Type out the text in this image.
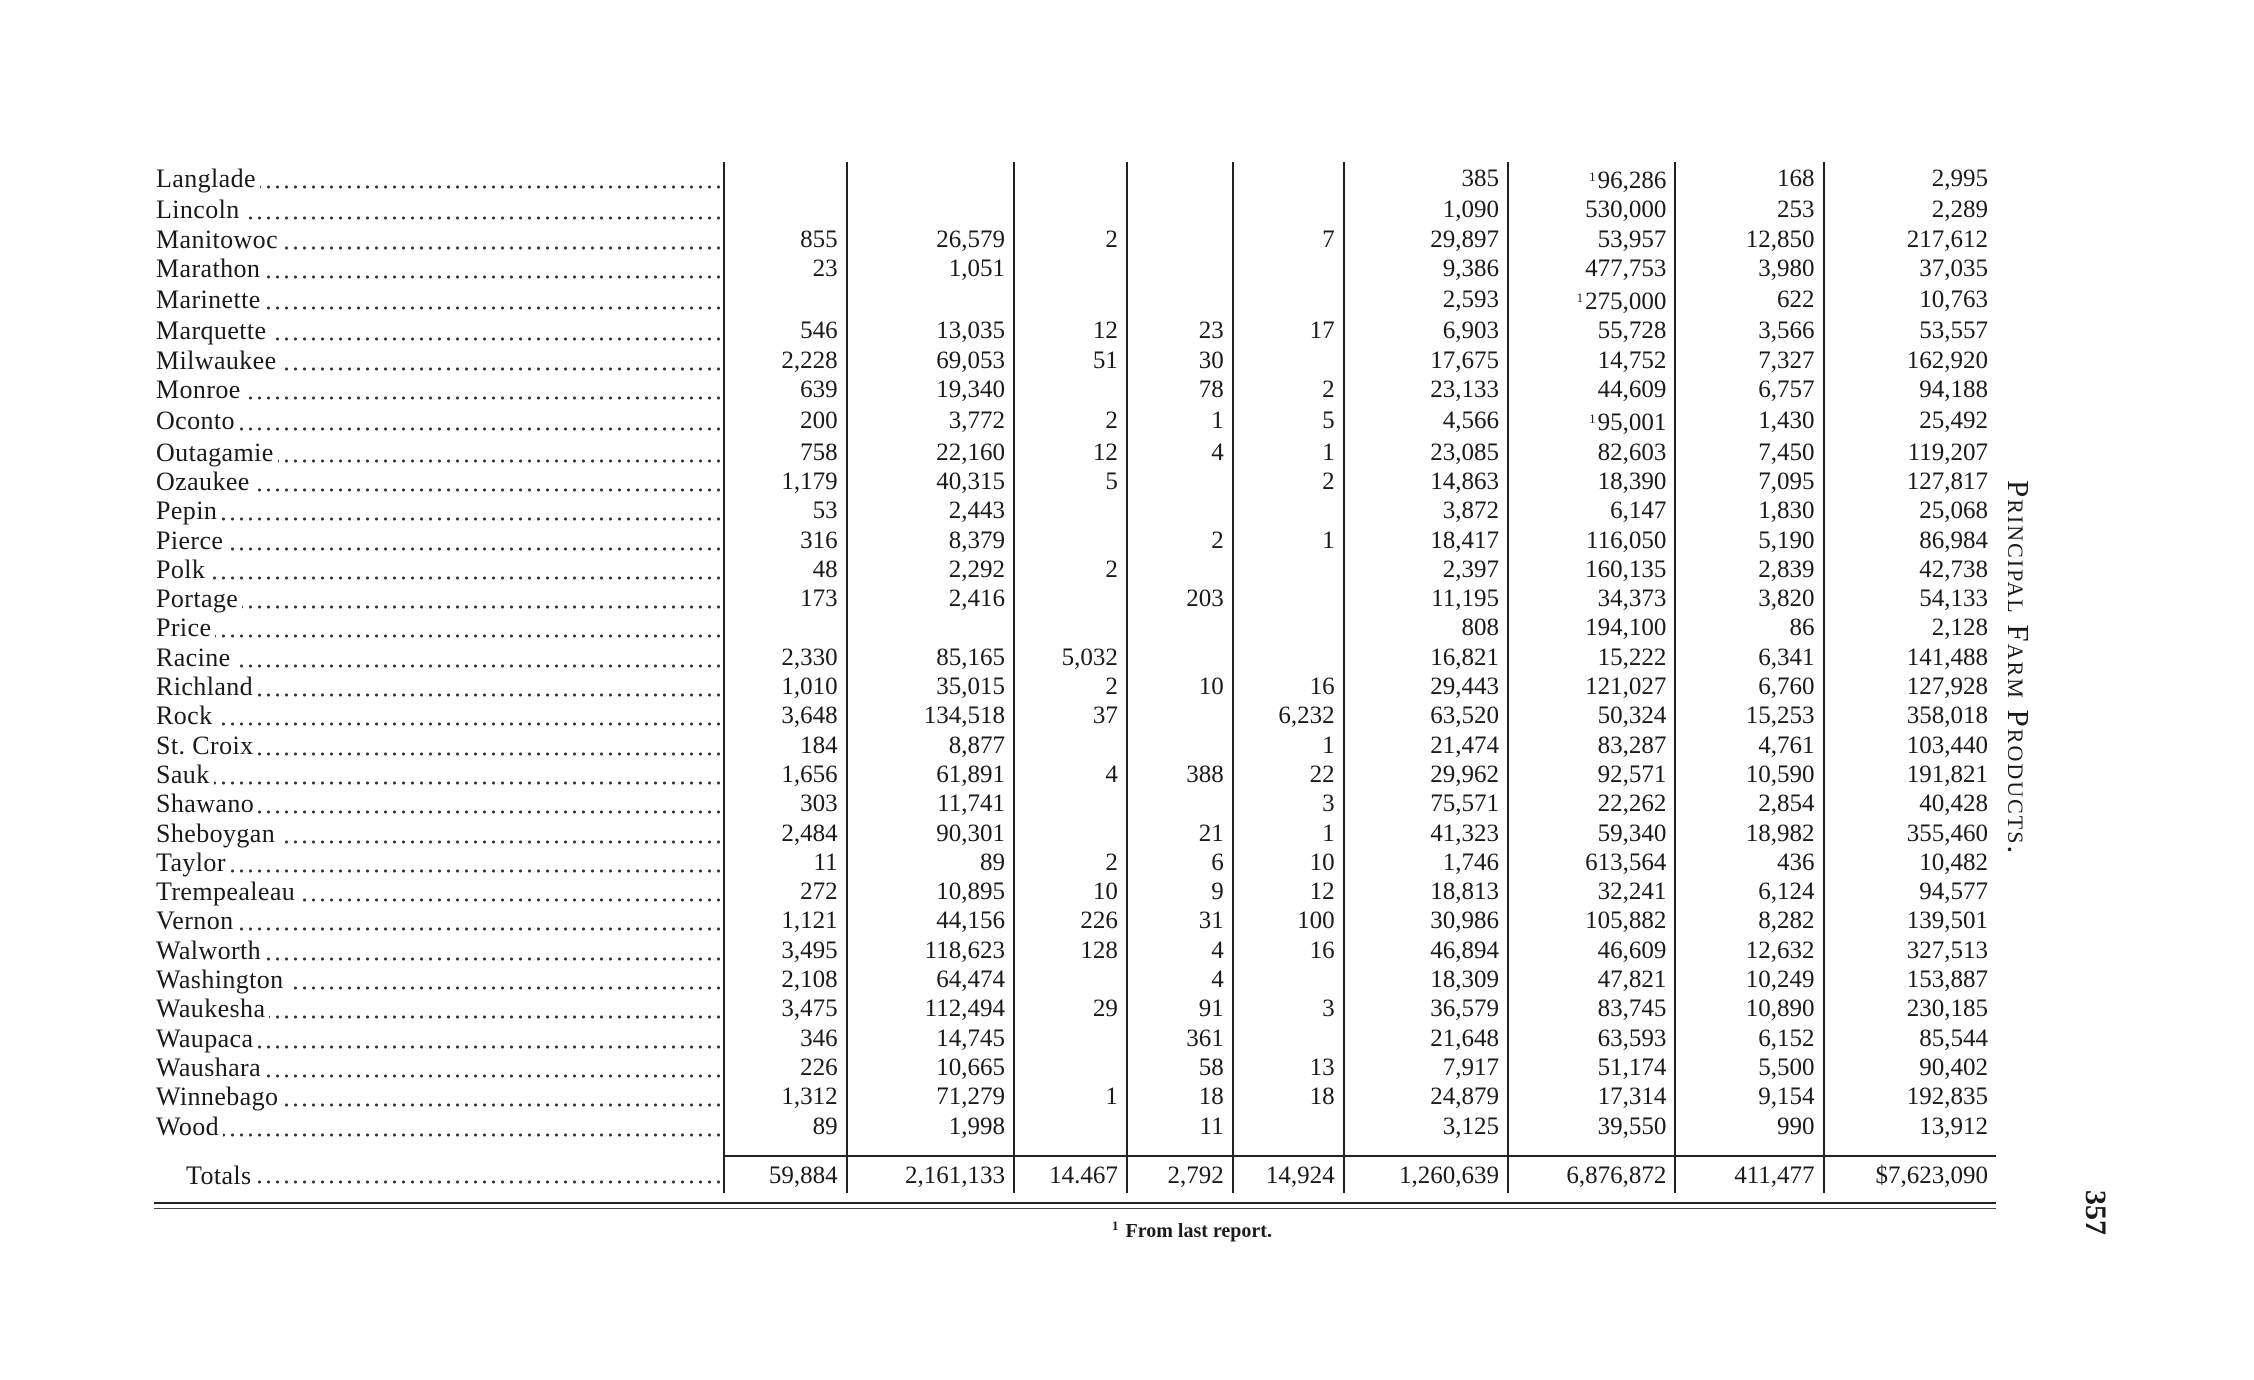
Langlade						385	$^1$96,286	168	2,995

Lincoln						1,090	530,000	253	2,289

Manitowoc	855	26,579	2		7	29,897	53,957	12,850	217,612

Marathon	23	1,051				9,386	477,753	3,980	37,035

Marinette						2,593	$^1$275,000	622	10,763

Marquette	546	13,035	12	23	17	6,903	55,728	3,566	53,557

Milwaukee	2,228	69,053	51	30		17,675	14,752	7,327	162,920

Monroe	639	19,340		78	2	23,133	44,609	6,757	94,188

Oconto	200	3,772	2	1	5	4,566	$^1$95,001	1,430	25,492

Outagamie	758	22,160	12	4	1	23,085	82,603	7,450	119,207

Ozaukee	1,179	40,315	5		2	14,863	18,390	7,095	127,817

Pepin	53	2,443				3,872	6,147	1,830	25,068

Pierce	316	8,379		2	1	18,417	116,050	5,190	86,984

Polk	48	2,292	2			2,397	160,135	2,839	42,738

Portage	173	2,416		203		11,195	34,373	3,820	54,133

Price						808	194,100	86	2,128

Racine	2,330	85,165	5,032			16,821	15,222	6,341	141,488

Richland	1,010	35,015	2	10	16	29,443	121,027	6,760	127,928

Rock	3,648	134,518	37		6,232	63,520	50,324	15,253	358,018

St. Croix	184	8,877			1	21,474	83,287	4,761	103,440

Sauk	1,656	61,891	4	388	22	29,962	92,571	10,590	191,821

Shawano	303	11,741			3	75,571	22,262	2,854	40,428

Sheboygan	2,484	90,301		21	1	41,323	59,340	18,982	355,460

Taylor	11	89	2	6	10	1,746	613,564	436	10,482

Trempealeau	272	10,895	10	9	12	18,813	32,241	6,124	94,577

Vernon	1,121	44,156	226	31	100	30,986	105,882	8,282	139,501

Walworth	3,495	118,623	128	4	16	46,894	46,609	12,632	327,513

Washington	2,108	64,474		4		18,309	47,821	10,249	153,887

Waukesha	3,475	112,494	29	91	3	36,579	83,745	10,890	230,185

Waupaca	346	14,745		361		21,648	63,593	6,152	85,544

Waushara	226	10,665		58	13	7,917	51,174	5,500	90,402

Winnebago	1,312	71,279	1	18	18	24,879	17,314	9,154	192,835

Wood	89	1,998		11		3,125	39,550	990	13,912

Totals	59,884	2,161,133	14.467	2,792	14,924	1,260,639	6,876,872	411,477	$7,623,090
$^1$ From last report.
Principal Farm Products.
357
